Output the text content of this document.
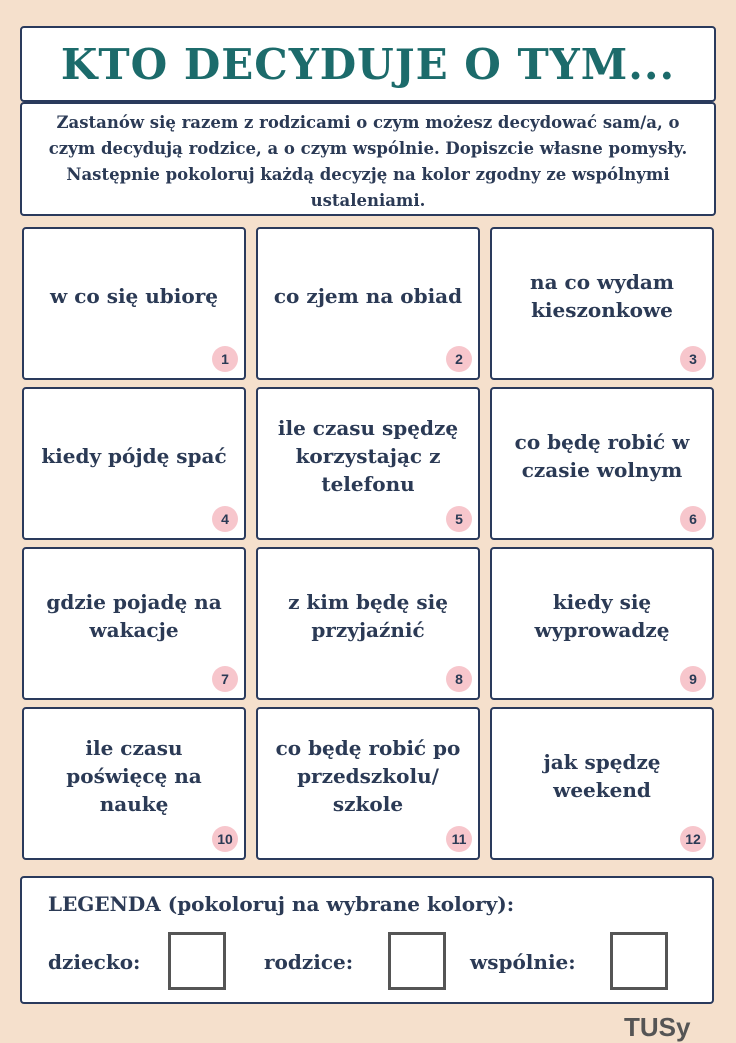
KTO DECYDUJE O TYM...
Zastanów się razem z rodzicami o czym możesz decydować sam/a, o czym decydują rodzice, a o czym wspólnie. Dopiszcie własne pomysły. Następnie pokoloruj każdą decyzję na kolor zgodny ze wspólnymi ustaleniami.
w co się ubiorę
1
co zjem na obiad
2
na co wydam kieszonkowe
3
kiedy pójdę spać
4
ile czasu spędzę korzystając z telefonu
5
co będę robić w czasie wolnym
6
gdzie pojadę na wakacje
7
z kim będę się przyjaźnić
8
kiedy się wyprowadzę
9
ile czasu poświęcę na naukę
10
co będę robić po przedszkolu/ szkole
11
jak spędzę weekend
12
LEGENDA (pokoloruj na wybrane kolory):
dziecko:	rodzice:	wspólnie:
TUSy
